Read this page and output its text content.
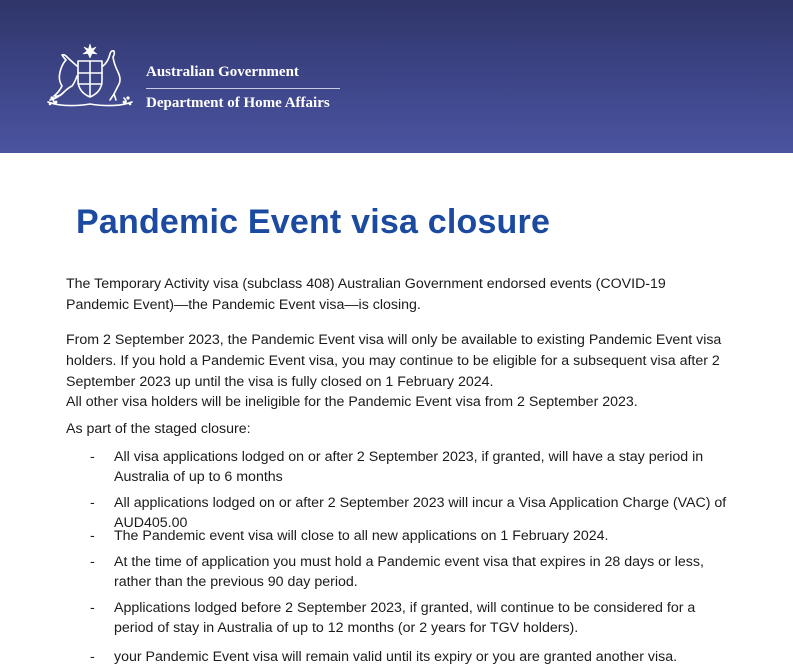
Australian Government
Department of Home Affairs
Pandemic Event visa closure

The Temporary Activity visa (subclass 408) Australian Government endorsed events (COVID-19 Pandemic Event)—the Pandemic Event visa—is closing.

From 2 September 2023, the Pandemic Event visa will only be available to existing Pandemic Event visa holders. If you hold a Pandemic Event visa, you may continue to be eligible for a subsequent visa after 2 September 2023 up until the visa is fully closed on 1 February 2024.

All other visa holders will be ineligible for the Pandemic Event visa from 2 September 2023.

As part of the staged closure:

- All visa applications lodged on or after 2 September 2023, if granted, will have a stay period in Australia of up to 6 months
- All applications lodged on or after 2 September 2023 will incur a Visa Application Charge (VAC) of AUD405.00
- The Pandemic event visa will close to all new applications on 1 February 2024.
- At the time of application you must hold a Pandemic event visa that expires in 28 days or less, rather than the previous 90 day period.
- Applications lodged before 2 September 2023, if granted, will continue to be considered for a period of stay in Australia of up to 12 months (or 2 years for TGV holders).
- your Pandemic Event visa will remain valid until its expiry or you are granted another visa.
